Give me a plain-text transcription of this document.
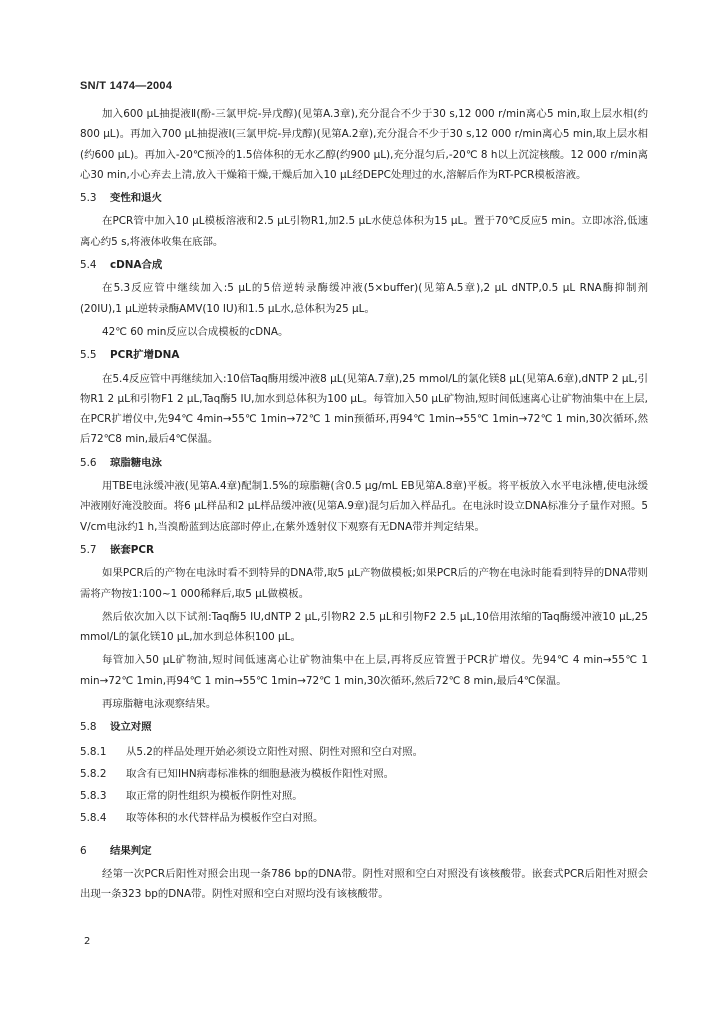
SN/T 1474—2004

加入600 μL抽提液Ⅱ(酚-三氯甲烷-异戊醇)(见第A.3章),充分混合不少于30 s,12 000 r/min离心5 min,取上层水相(约800 μL)。再加入700 μL抽提液Ⅰ(三氯甲烷-异戊醇)(见第A.2章),充分混合不少于30 s,12 000 r/min离心5 min,取上层水相(约600 μL)。再加入-20℃预冷的1.5倍体积的无水乙醇(约900 μL),充分混匀后,-20℃ 8 h以上沉淀核酸。12 000 r/min离心30 min,小心弃去上清,放入干燥箱干燥,干燥后加入10 μL经DEPC处理过的水,溶解后作为RT-PCR模板溶液。

5.3 变性和退火

在PCR管中加入10 μL模板溶液和2.5 μL引物R1,加2.5 μL水使总体积为15 μL。置于70℃反应5 min。立即冰浴,低速离心约5 s,将液体收集在底部。

5.4 cDNA合成

在5.3反应管中继续加入:5 μL的5倍逆转录酶缓冲液(5×buffer)(见第A.5章),2 μL dNTP,0.5 μL RNA酶抑制剂(20IU),1 μL逆转录酶AMV(10 IU)和1.5 μL水,总体积为25 μL。

42℃ 60 min反应以合成模板的cDNA。

5.5 PCR扩增DNA

在5.4反应管中再继续加入:10倍Taq酶用缓冲液8 μL(见第A.7章),25 mmol/L的氯化镁8 μL(见第A.6章),dNTP 2 μL,引物R1 2 μL和引物F1 2 μL,Taq酶5 IU,加水到总体积为100 μL。每管加入50 μL矿物油,短时间低速离心让矿物油集中在上层,在PCR扩增仪中,先94℃ 4min→55℃ 1min→72℃ 1 min预循环,再94℃ 1min→55℃ 1min→72℃ 1 min,30次循环,然后72℃8 min,最后4℃保温。

5.6 琼脂糖电泳

用TBE电泳缓冲液(见第A.4章)配制1.5%的琼脂糖(含0.5 μg/mL EB见第A.8章)平板。将平板放入水平电泳槽,使电泳缓冲液刚好淹没胶面。将6 μL样品和2 μL样品缓冲液(见第A.9章)混匀后加入样品孔。在电泳时设立DNA标准分子量作对照。5 V/cm电泳约1 h,当溴酚蓝到达底部时停止,在紫外透射仪下观察有无DNA带并判定结果。

5.7 嵌套PCR

如果PCR后的产物在电泳时看不到特异的DNA带,取5 μL产物做模板;如果PCR后的产物在电泳时能看到特异的DNA带则需将产物按1:100~1 000稀释后,取5 μL做模板。

然后依次加入以下试剂:Taq酶5 IU,dNTP 2 μL,引物R2 2.5 μL和引物F2 2.5 μL,10倍用浓缩的Taq酶缓冲液10 μL,25 mmol/L的氯化镁10 μL,加水到总体积100 μL。

每管加入50 μL矿物油,短时间低速离心让矿物油集中在上层,再将反应管置于PCR扩增仪。先94℃ 4 min→55℃ 1 min→72℃ 1min,再94℃ 1 min→55℃ 1min→72℃ 1 min,30次循环,然后72℃ 8 min,最后4℃保温。

再琼脂糖电泳观察结果。

5.8 设立对照
5.8.1 从5.2的样品处理开始必须设立阳性对照、阴性对照和空白对照。
5.8.2 取含有已知IHN病毒标准株的细胞悬液为模板作阳性对照。
5.8.3 取正常的阴性组织为模板作阴性对照。
5.8.4 取等体积的水代替样品为模板作空白对照。
6 结果判定

经第一次PCR后阳性对照会出现一条786 bp的DNA带。阴性对照和空白对照没有该核酸带。嵌套式PCR后阳性对照会出现一条323 bp的DNA带。阴性对照和空白对照均没有该核酸带。

2
